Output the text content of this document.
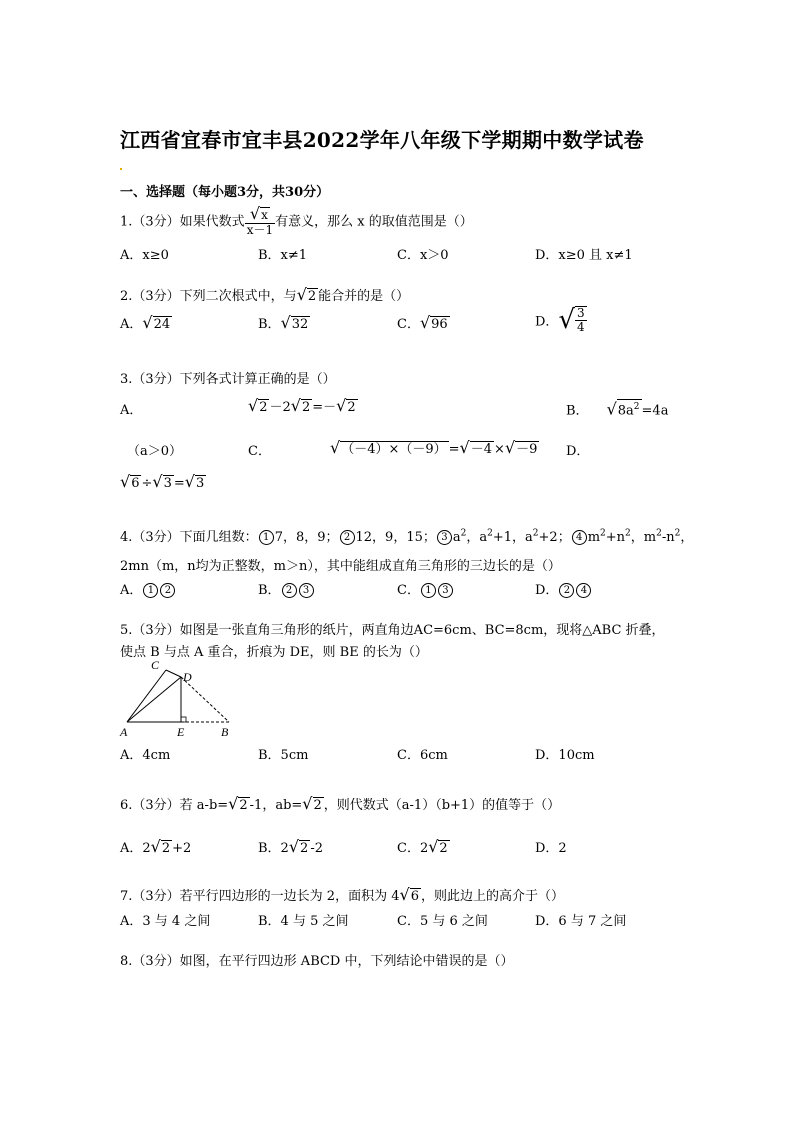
江西省宜春市宜丰县2022学年八年级下学期期中数学试卷
一、选择题（每小题3分，共30分）
1.（3分）如果代数式 $\frac{√x}{x-1}$ 有意义，那么 x 的取值范围是（）
A．x≥0	B．x≠1	C．x＞0	D．x≥0 且 x≠1
2.（3分）下列二次根式中，与√2 能合并的是（）
A．√24	B．√32	C．√96	D．√ $\frac{3}{4}$
3.（3分）下列各式计算正确的是（）
A．	√2 －2√2 =－√2	B． $√8a^2 =4a$
（a＞0）	C．	√（－4）×（－9） =√－4 ×√－9 D．
√6 ÷√3 =√3
4.（3分）下面几组数： 1 7，8，9； 2 12，9，15； 3 $a^2$，$a^2+1$，$a^2+2$； 4 $m^2+n^2$，$m^2-n^2$，
2mn（m，n均为正整数，m＞n），其中能组成直角三角形的三边长的是（）
A． 1 2	B． 2 3	C． 1 3	D． 2 4
5.（3分）如图是一张直角三角形的纸片，两直角边AC=6cm、BC=8cm，现将△ABC 折叠，
使点 B 与点 A 重合，折痕为 DE，则 BE 的长为（）
C
D
A	E	B
A．4cm	B．5cm	C．6cm	D．10cm
6.（3分）若 a-b=√2 -1，ab=√2 ，则代数式（a-1）（b+1）的值等于（）
A．2√2 +2	B．2√2 -2	C．2√2	D．2
7.（3分）若平行四边形的一边长为 2，面积为 4√6 ，则此边上的高介于（）
A．3 与 4 之间	B．4 与 5 之间	C．5 与 6 之间	D．6 与 7 之间
8.（3分）如图，在平行四边形 ABCD 中，下列结论中错误的是（）
